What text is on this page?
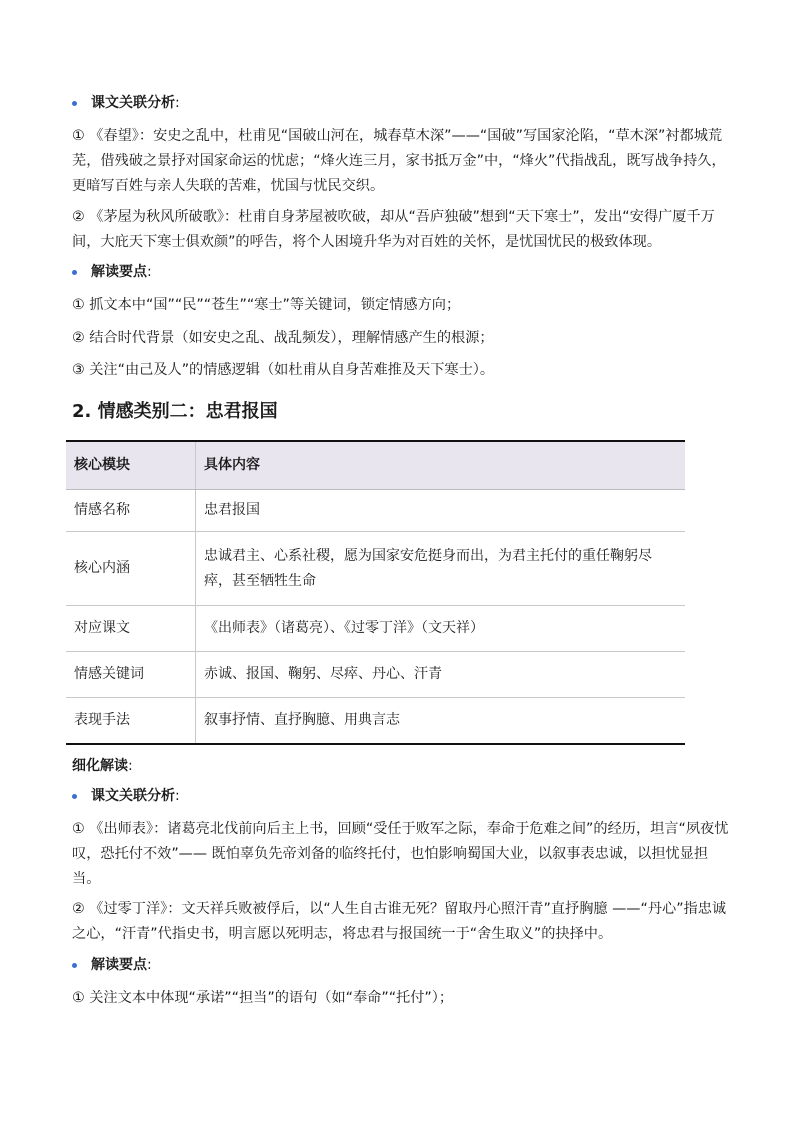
课文关联分析 :
① 《春望》：安史之乱中，杜甫见“国破山河在，城春草木深”——“国破”写国家沦陷，“草木深”衬都城荒芜，借残破之景抒对国家命运的忧虑；“烽火连三月，家书抵万金”中，“烽火”代指战乱，既写战争持久，更暗写百姓与亲人失联的苦难，忧国与忧民交织。
② 《茅屋为秋风所破歌》：杜甫自身茅屋被吹破，却从“吾庐独破”想到“天下寒士”，发出“安得广厦千万间，大庇天下寒士俱欢颜”的呼告，将个人困境升华为对百姓的关怀，是忧国忧民的极致体现。
解读要点 :
① 抓文本中“国”“民”“苍生”“寒士”等关键词，锁定情感方向；
② 结合时代背景（如安史之乱、战乱频发），理解情感产生的根源；
③ 关注“由己及人”的情感逻辑（如杜甫从自身苦难推及天下寒士）。
2. 情感类别二：忠君报国
核心模块	具体内容
情感名称	忠君报国
核心内涵	忠诚君主、心系社稷，愿为国家安危挺身而出，为君主托付的重任鞠躬尽瘁，甚至牺牲生命
对应课文	《出师表》（诸葛亮）、《过零丁洋》（文天祥）
情感关键词	赤诚、报国、鞠躬、尽瘁、丹心、汗青
表现手法	叙事抒情、直抒胸臆、用典言志
细化解读:
课文关联分析 :
① 《出师表》：诸葛亮北伐前向后主上书，回顾“受任于败军之际，奉命于危难之间”的经历，坦言“夙夜忧叹，恐托付不效”—— 既怕辜负先帝刘备的临终托付，也怕影响蜀国大业，以叙事表忠诚，以担忧显担当。
② 《过零丁洋》：文天祥兵败被俘后，以“人生自古谁无死？留取丹心照汗青”直抒胸臆 ——“丹心”指忠诚之心，“汗青”代指史书，明言愿以死明志，将忠君与报国统一于“舍生取义”的抉择中。
解读要点 :
① 关注文本中体现“承诺”“担当”的语句（如“奉命”“托付”）；
